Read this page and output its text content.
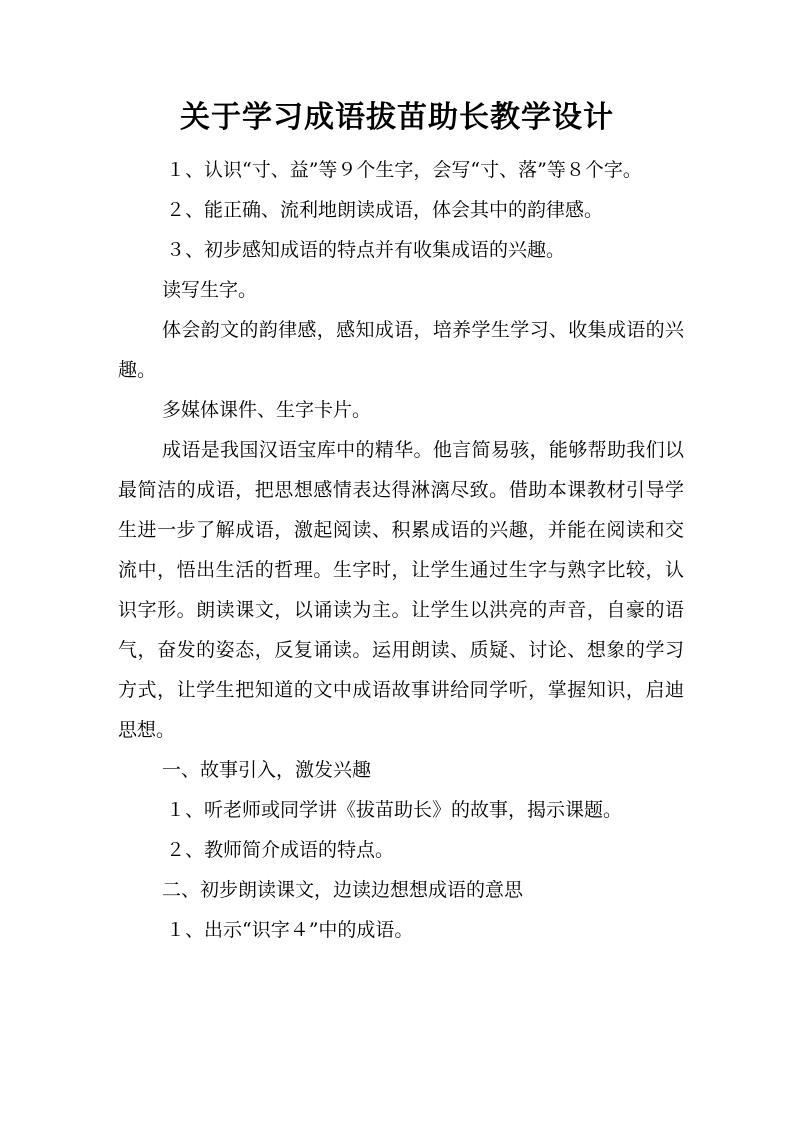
关于学习成语拔苗助长教学设计

１、认识“寸、益”等９个生字，会写“寸、落”等８个字。

２、能正确、流利地朗读成语，体会其中的韵律感。

３、初步感知成语的特点并有收集成语的兴趣。

读写生字。

体会韵文的韵律感，感知成语，培养学生学习、收集成语的兴趣。

多媒体课件、生字卡片。

成语是我国汉语宝库中的精华。他言简易骇，能够帮助我们以最简洁的成语，把思想感情表达得淋漓尽致。借助本课教材引导学生进一步了解成语，激起阅读、积累成语的兴趣，并能在阅读和交流中，悟出生活的哲理。生字时，让学生通过生字与熟字比较，认识字形。朗读课文，以诵读为主。让学生以洪亮的声音，自豪的语气，奋发的姿态，反复诵读。运用朗读、质疑、讨论、想象的学习方式，让学生把知道的文中成语故事讲给同学听，掌握知识，启迪思想。

一、故事引入，激发兴趣

１、听老师或同学讲《拔苗助长》的故事，揭示课题。

２、教师简介成语的特点。

二、初步朗读课文，边读边想想成语的意思

１、出示“识字４”中的成语。
